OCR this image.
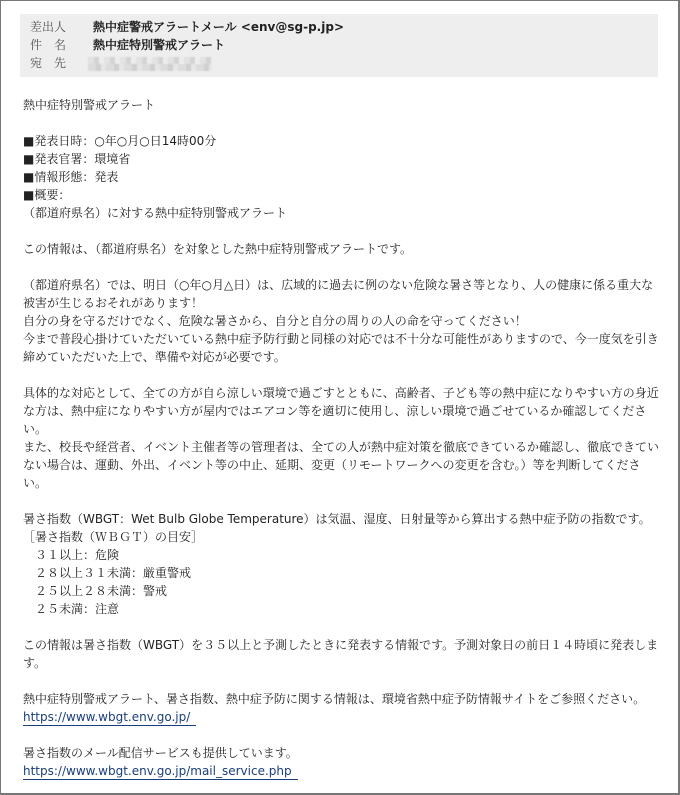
差出人	熱中症警戒アラートメール <env@sg-p.jp>
件　名	熱中症特別警戒アラート
宛　先

熱中症特別警戒アラート

■発表日時：○年○月○日14時00分

■発表官署：環境省

■情報形態：発表

■概要：

（都道府県名）に対する熱中症特別警戒アラート

この情報は、（都道府県名）を対象とした熱中症特別警戒アラートです。

（都道府県名）では、明日（○年○月△日）は、広域的に過去に例のない危険な暑さ等となり、人の健康に係る重大な被害が生じるおそれがあります！

自分の身を守るだけでなく、危険な暑さから、自分と自分の周りの人の命を守ってください！

今まで普段心掛けていただいている熱中症予防行動と同様の対応では不十分な可能性がありますので、今一度気を引き締めていただいた上で、準備や対応が必要です。

具体的な対応として、全ての方が自ら涼しい環境で過ごすとともに、高齢者、子ども等の熱中症になりやすい方の身近な方は、熱中症になりやすい方が屋内ではエアコン等を適切に使用し、涼しい環境で過ごせているか確認してください。

また、校長や経営者、イベント主催者等の管理者は、全ての人が熱中症対策を徹底できているか確認し、徹底できていない場合は、運動、外出、イベント等の中止、延期、変更（リモートワークへの変更を含む。）等を判断してください。

暑さ指数（WBGT：Wet Bulb Globe Temperature）は気温、湿度、日射量等から算出する熱中症予防の指数です。

［暑さ指数（ＷＢＧＴ）の目安］

　３１以上：危険

　２８以上３１未満：厳重警戒

　２５以上２８未満：警戒

　２５未満：注意

この情報は暑さ指数（WBGT）を３５以上と予測したときに発表する情報です。予測対象日の前日１４時頃に発表します。

熱中症特別警戒アラート、暑さ指数、熱中症予防に関する情報は、環境省熱中症予防情報サイトをご参照ください。

https://www.wbgt.env.go.jp/

暑さ指数のメール配信サービスも提供しています。

https://www.wbgt.env.go.jp/mail_service.php
